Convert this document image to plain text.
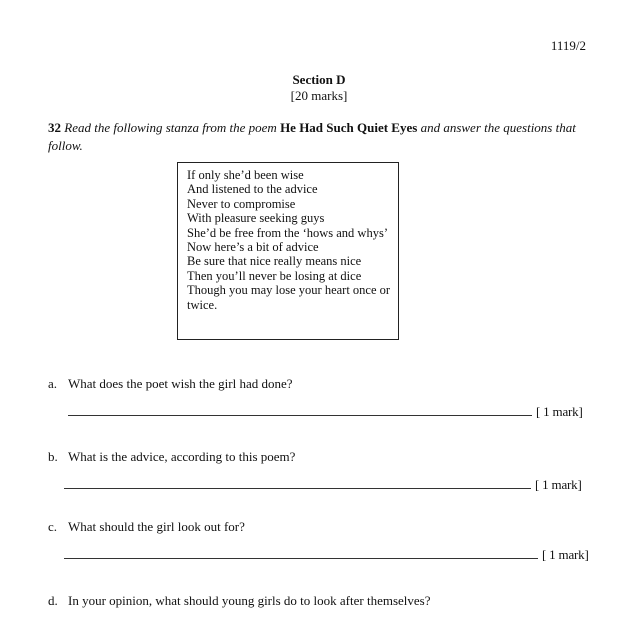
1119/2
Section D
[20 marks]
32 Read the following stanza from the poem He Had Such Quiet Eyes and answer the questions that follow.
If only she’d been wise
And listened to the advice
Never to compromise
With pleasure seeking guys
She’d be free from the ‘hows and whys’
Now here’s a bit of advice
Be sure that nice really means nice
Then you’ll never be losing at dice
Though you may lose your heart once or
twice.
a. What does the poet wish the girl had done?
[ 1 mark]
b. What is the advice, according to this poem?
[ 1 mark]
c. What should the girl look out for?
[ 1 mark]
d. In your opinion, what should young girls do to look after themselves?
